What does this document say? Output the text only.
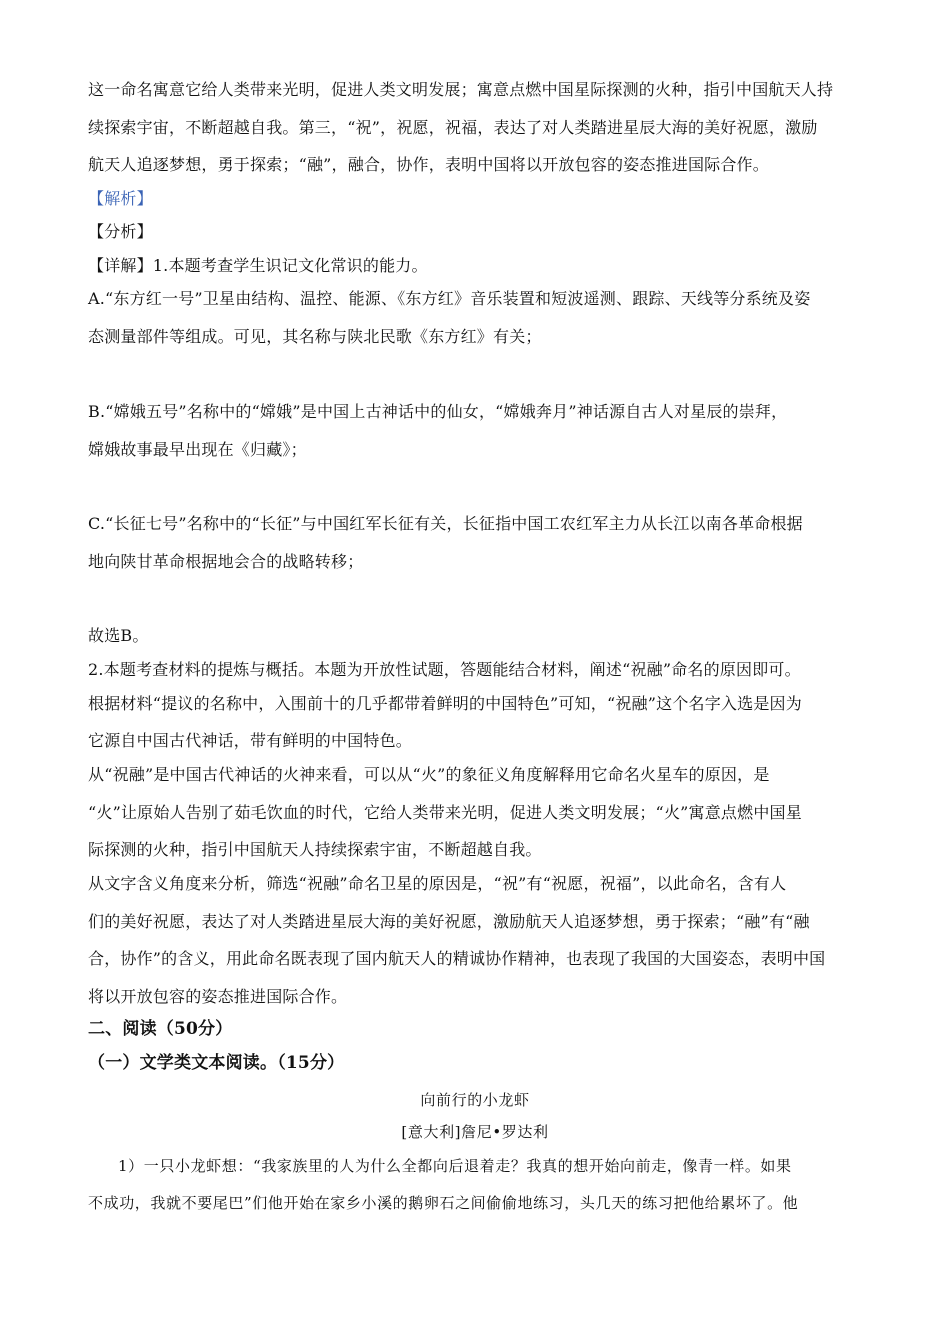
这一命名寓意它给人类带来光明，促进人类文明发展；寓意点燃中国星际探测的火种，指引中国航天人持
续探索宇宙，不断超越自我。第三，“祝”，祝愿，祝福，表达了对人类踏进星辰大海的美好祝愿，激励
航天人追逐梦想，勇于探索；“融”，融合，协作，表明中国将以开放包容的姿态推进国际合作。
【解析】
【分析】
【详解】1.本题考查学生识记文化常识的能力。
A.“东方红一号”卫星由结构、温控、能源、《东方红》音乐装置和短波遥测、跟踪、天线等分系统及姿
态测量部件等组成。可见，其名称与陕北民歌《东方红》有关；
B.“嫦娥五号”名称中的“嫦娥”是中国上古神话中的仙女，“嫦娥奔月”神话源自古人对星辰的崇拜，
嫦娥故事最早出现在《归藏》；
C.“长征七号”名称中的“长征”与中国红军长征有关，长征指中国工农红军主力从长江以南各革命根据
地向陕甘革命根据地会合的战略转移；
故选B。
2.本题考查材料的提炼与概括。本题为开放性试题，答题能结合材料，阐述“祝融”命名的原因即可。
根据材料“提议的名称中，入围前十的几乎都带着鲜明的中国特色”可知，“祝融”这个名字入选是因为
它源自中国古代神话，带有鲜明的中国特色。
从“祝融”是中国古代神话的火神来看，可以从“火”的象征义角度解释用它命名火星车的原因，是
“火”让原始人告别了茹毛饮血的时代，它给人类带来光明，促进人类文明发展；“火”寓意点燃中国星
际探测的火种，指引中国航天人持续探索宇宙，不断超越自我。
从文字含义角度来分析，筛选“祝融”命名卫星的原因是，“祝”有“祝愿，祝福”，以此命名，含有人
们的美好祝愿，表达了对人类踏进星辰大海的美好祝愿，激励航天人追逐梦想，勇于探索；“融”有“融
合，协作”的含义，用此命名既表现了国内航天人的精诚协作精神，也表现了我国的大国姿态，表明中国
将以开放包容的姿态推进国际合作。
二、阅读（50分）
（一）文学类文本阅读。（15分）
向前行的小龙虾
[意大利]詹尼•罗达利
1）一只小龙虾想：“我家族里的人为什么全都向后退着走？我真的想开始向前走，像青一样。如果
不成功，我就不要尾巴”们他开始在家乡小溪的鹅卵石之间偷偷地练习，头几天的练习把他给累坏了。他
